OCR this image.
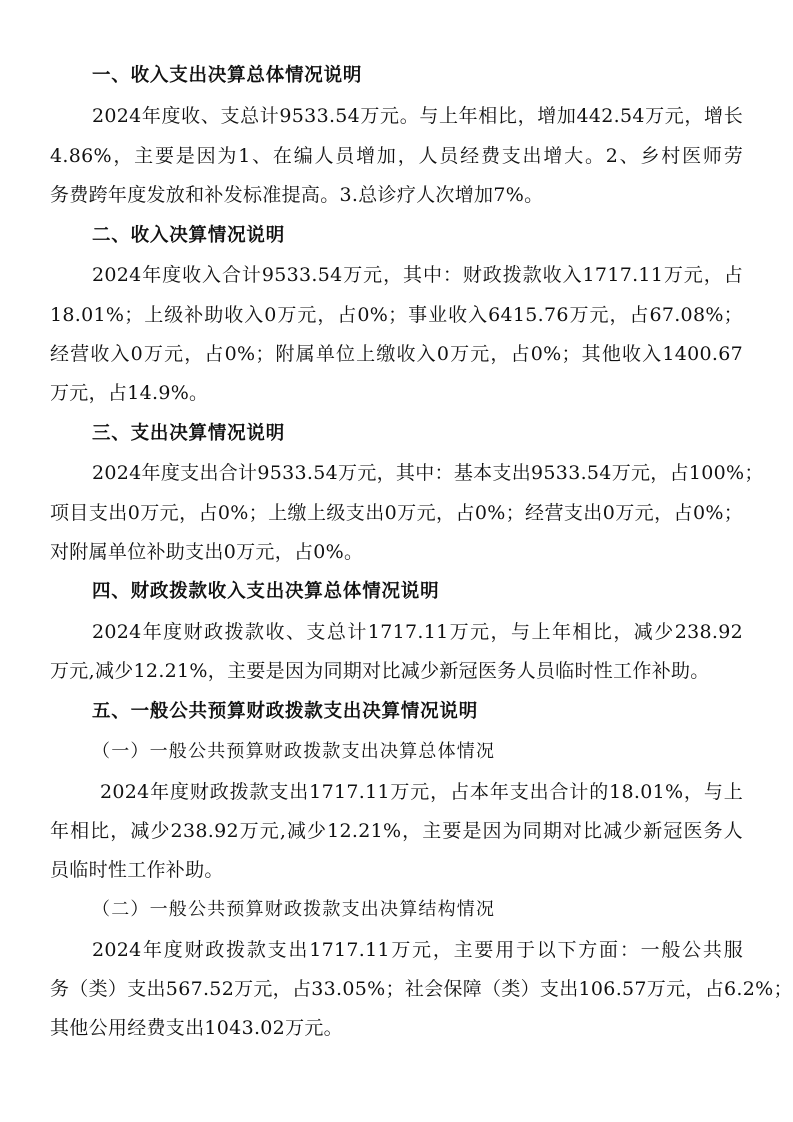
一、收入支出决算总体情况说明
2024年度收、支总计9533.54万元。与上年相比，增加442.54万元，增长
4.86%，主要是因为1、在编人员增加，人员经费支出增大。2、乡村医师劳
务费跨年度发放和补发标准提高。3.总诊疗人次增加7%。
二、收入决算情况说明
2024年度收入合计9533.54万元，其中：财政拨款收入1717.11万元，占
18.01%；上级补助收入0万元，占0%；事业收入6415.76万元，占67.08%；
经营收入0万元，占0%；附属单位上缴收入0万元，占0%；其他收入1400.67
万元，占14.9%。
三、支出决算情况说明
2024年度支出合计9533.54万元，其中：基本支出9533.54万元，占100%；
项目支出0万元，占0%；上缴上级支出0万元，占0%；经营支出0万元，占0%；
对附属单位补助支出0万元，占0%。
四、财政拨款收入支出决算总体情况说明
2024年度财政拨款收、支总计1717.11万元，与上年相比，减少238.92
万元,减少12.21%，主要是因为同期对比减少新冠医务人员临时性工作补助。
五、一般公共预算财政拨款支出决算情况说明
（一）一般公共预算财政拨款支出决算总体情况
2024年度财政拨款支出1717.11万元，占本年支出合计的18.01%，与上
年相比，减少238.92万元,减少12.21%，主要是因为同期对比减少新冠医务人
员临时性工作补助。
（二）一般公共预算财政拨款支出决算结构情况
2024年度财政拨款支出1717.11万元，主要用于以下方面：一般公共服
务（类）支出567.52万元，占33.05%；社会保障（类）支出106.57万元，占6.2%；
其他公用经费支出1043.02万元。
